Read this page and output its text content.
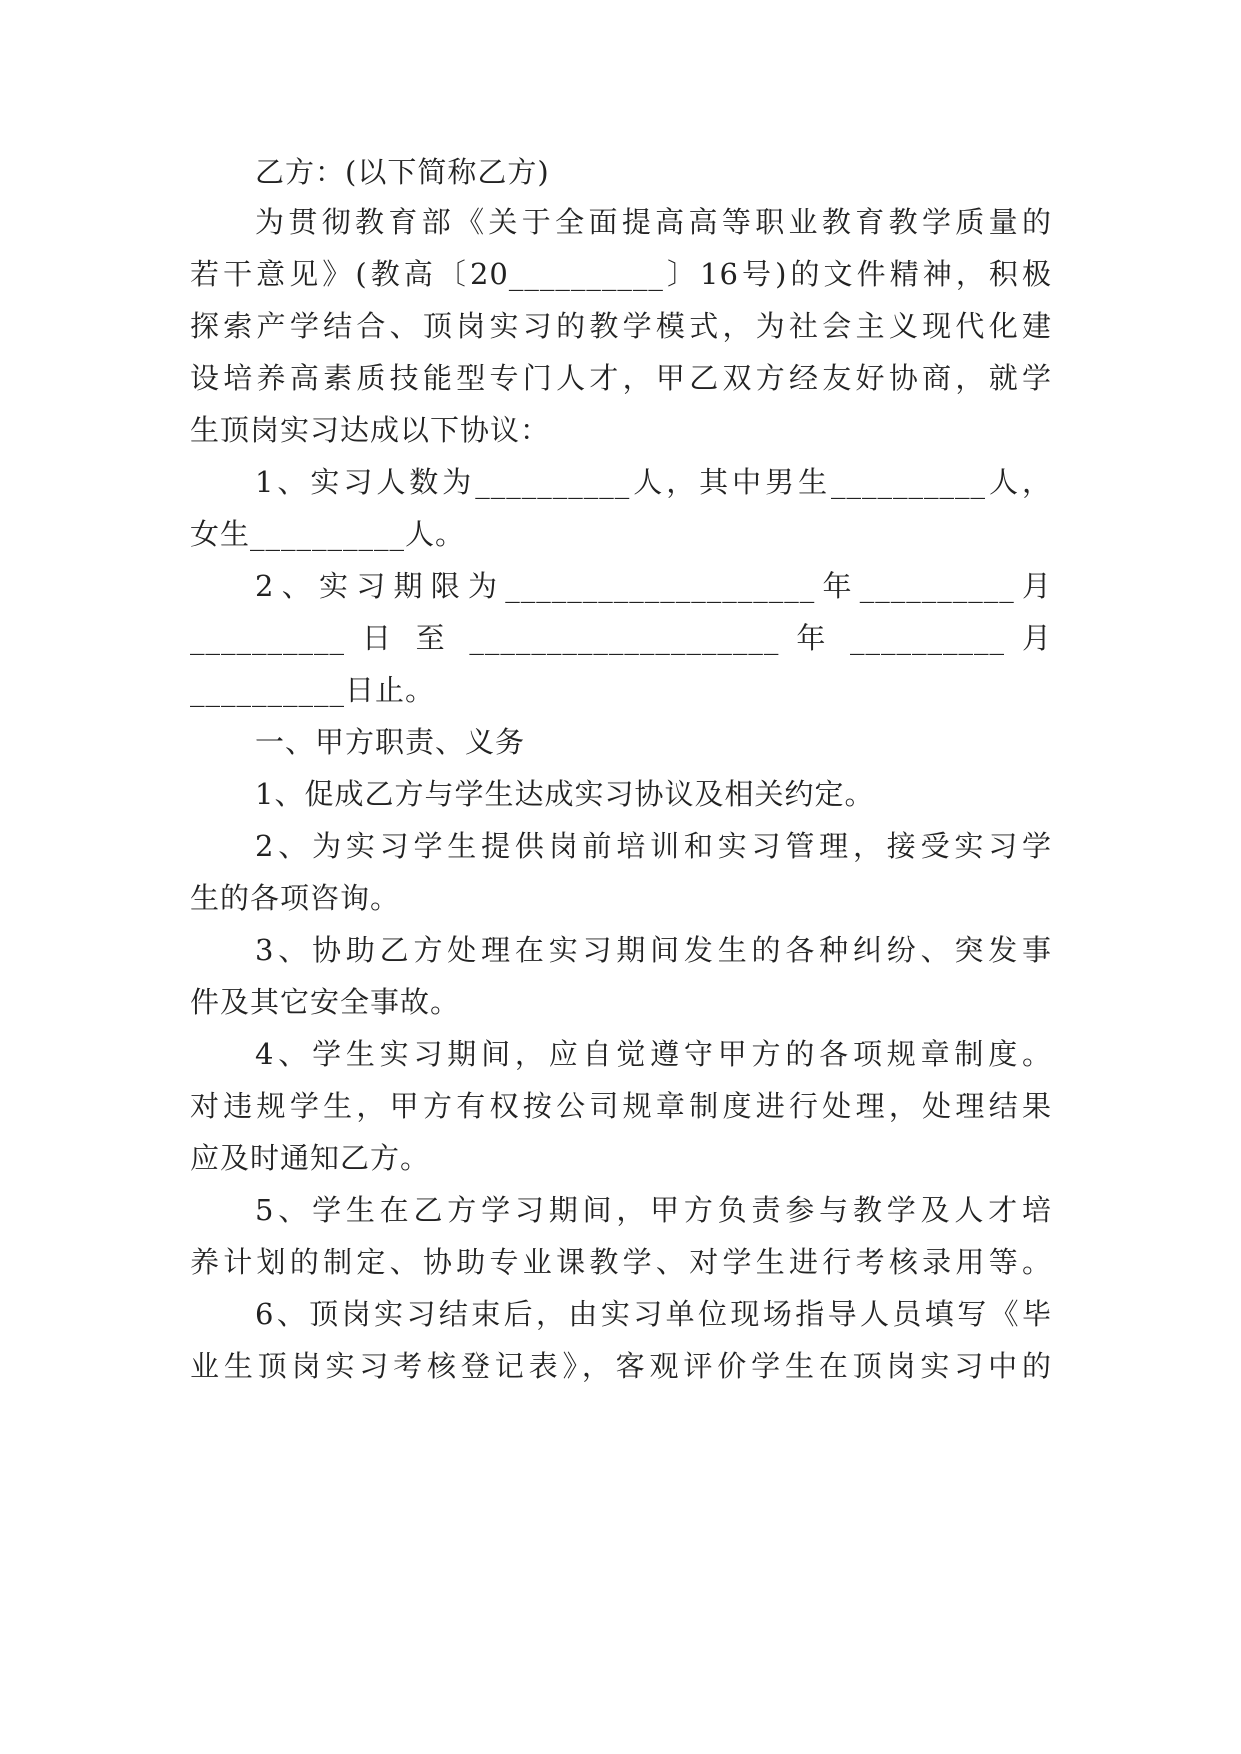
乙方：(以下简称乙方)
为贯彻教育部《关于全面提高高等职业教育教学质量的
若干意见》(教高〔20__________〕16号)的文件精神，积极
探索产学结合、顶岗实习的教学模式，为社会主义现代化建
设培养高素质技能型专门人才，甲乙双方经友好协商，就学
生顶岗实习达成以下协议：
1、实习人数为__________人，其中男生__________人，
女生__________人。
2、实习期限为____________________年__________月
__________ 日 至 ____________________ 年 __________ 月
__________日止。
一、甲方职责、义务
1、促成乙方与学生达成实习协议及相关约定。
2、为实习学生提供岗前培训和实习管理，接受实习学
生的各项咨询。
3、协助乙方处理在实习期间发生的各种纠纷、突发事
件及其它安全事故。
4、学生实习期间，应自觉遵守甲方的各项规章制度。
对违规学生，甲方有权按公司规章制度进行处理，处理结果
应及时通知乙方。
5、学生在乙方学习期间，甲方负责参与教学及人才培
养计划的制定、协助专业课教学、对学生进行考核录用等。
6、顶岗实习结束后，由实习单位现场指导人员填写《毕
业生顶岗实习考核登记表》，客观评价学生在顶岗实习中的
